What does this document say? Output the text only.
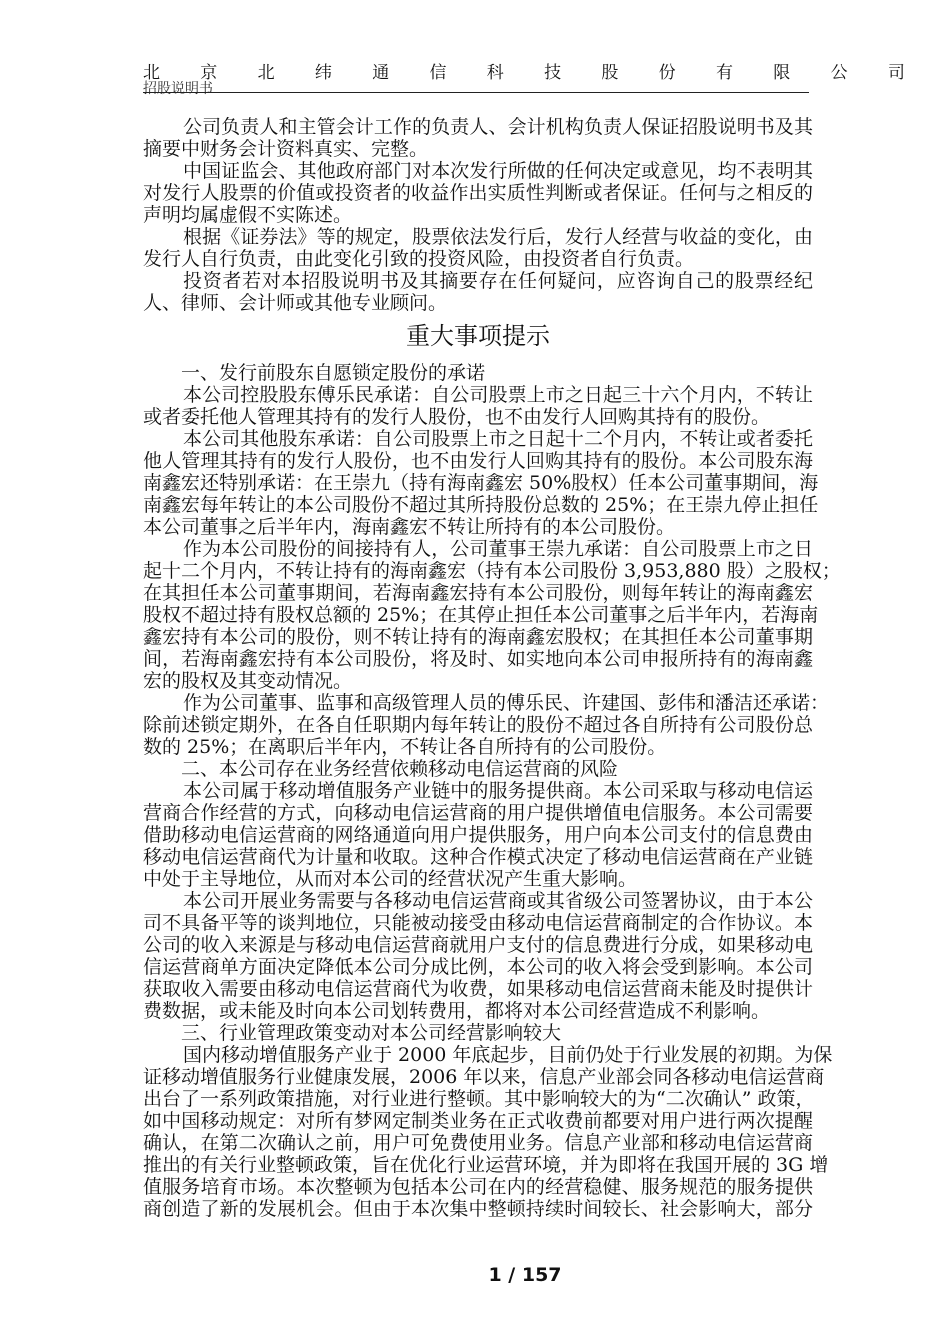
北 京 北 纬 通 信 科 技 股 份 有 限 公 司
招股说明书
公司负责人和主管会计工作的负责人、会计机构负责人保证招股说明书及其
摘要中财务会计资料真实、完整。
中国证监会、其他政府部门对本次发行所做的任何决定或意见，均不表明其
对发行人股票的价值或投资者的收益作出实质性判断或者保证。任何与之相反的
声明均属虚假不实陈述。
根据《证券法》等的规定，股票依法发行后，发行人经营与收益的变化，由
发行人自行负责，由此变化引致的投资风险，由投资者自行负责。
投资者若对本招股说明书及其摘要存在任何疑问，应咨询自己的股票经纪
人、律师、会计师或其他专业顾问。
重大事项提示
一、发行前股东自愿锁定股份的承诺
本公司控股股东傅乐民承诺：自公司股票上市之日起三十六个月内，不转让
或者委托他人管理其持有的发行人股份，也不由发行人回购其持有的股份。
本公司其他股东承诺：自公司股票上市之日起十二个月内，不转让或者委托
他人管理其持有的发行人股份，也不由发行人回购其持有的股份。本公司股东海
南鑫宏还特别承诺：在王崇九（持有海南鑫宏 50%股权）任本公司董事期间，海
南鑫宏每年转让的本公司股份不超过其所持股份总数的 25%；在王崇九停止担任
本公司董事之后半年内，海南鑫宏不转让所持有的本公司股份。
作为本公司股份的间接持有人，公司董事王崇九承诺：自公司股票上市之日
起十二个月内，不转让持有的海南鑫宏（持有本公司股份 3,953,880 股）之股权；
在其担任本公司董事期间，若海南鑫宏持有本公司股份，则每年转让的海南鑫宏
股权不超过持有股权总额的 25%；在其停止担任本公司董事之后半年内，若海南
鑫宏持有本公司的股份，则不转让持有的海南鑫宏股权；在其担任本公司董事期
间，若海南鑫宏持有本公司股份，将及时、如实地向本公司申报所持有的海南鑫
宏的股权及其变动情况。
作为公司董事、监事和高级管理人员的傅乐民、许建国、彭伟和潘洁还承诺：
除前述锁定期外，在各自任职期内每年转让的股份不超过各自所持有公司股份总
数的 25%；在离职后半年内，不转让各自所持有的公司股份。
二、本公司存在业务经营依赖移动电信运营商的风险
本公司属于移动增值服务产业链中的服务提供商。本公司采取与移动电信运
营商合作经营的方式，向移动电信运营商的用户提供增值电信服务。本公司需要
借助移动电信运营商的网络通道向用户提供服务，用户向本公司支付的信息费由
移动电信运营商代为计量和收取。这种合作模式决定了移动电信运营商在产业链
中处于主导地位，从而对本公司的经营状况产生重大影响。
本公司开展业务需要与各移动电信运营商或其省级公司签署协议，由于本公
司不具备平等的谈判地位，只能被动接受由移动电信运营商制定的合作协议。本
公司的收入来源是与移动电信运营商就用户支付的信息费进行分成，如果移动电
信运营商单方面决定降低本公司分成比例，本公司的收入将会受到影响。本公司
获取收入需要由移动电信运营商代为收费，如果移动电信运营商未能及时提供计
费数据，或未能及时向本公司划转费用，都将对本公司经营造成不利影响。
三、行业管理政策变动对本公司经营影响较大
国内移动增值服务产业于 2000 年底起步，目前仍处于行业发展的初期。为保
证移动增值服务行业健康发展，2006 年以来，信息产业部会同各移动电信运营商
出台了一系列政策措施，对行业进行整顿。其中影响较大的为“二次确认” 政策，
如中国移动规定：对所有梦网定制类业务在正式收费前都要对用户进行两次提醒
确认，在第二次确认之前，用户可免费使用业务。信息产业部和移动电信运营商
推出的有关行业整顿政策，旨在优化行业运营环境，并为即将在我国开展的 3G 增
值服务培育市场。本次整顿为包括本公司在内的经营稳健、服务规范的服务提供
商创造了新的发展机会。但由于本次集中整顿持续时间较长、社会影响大，部分
1 / 157
